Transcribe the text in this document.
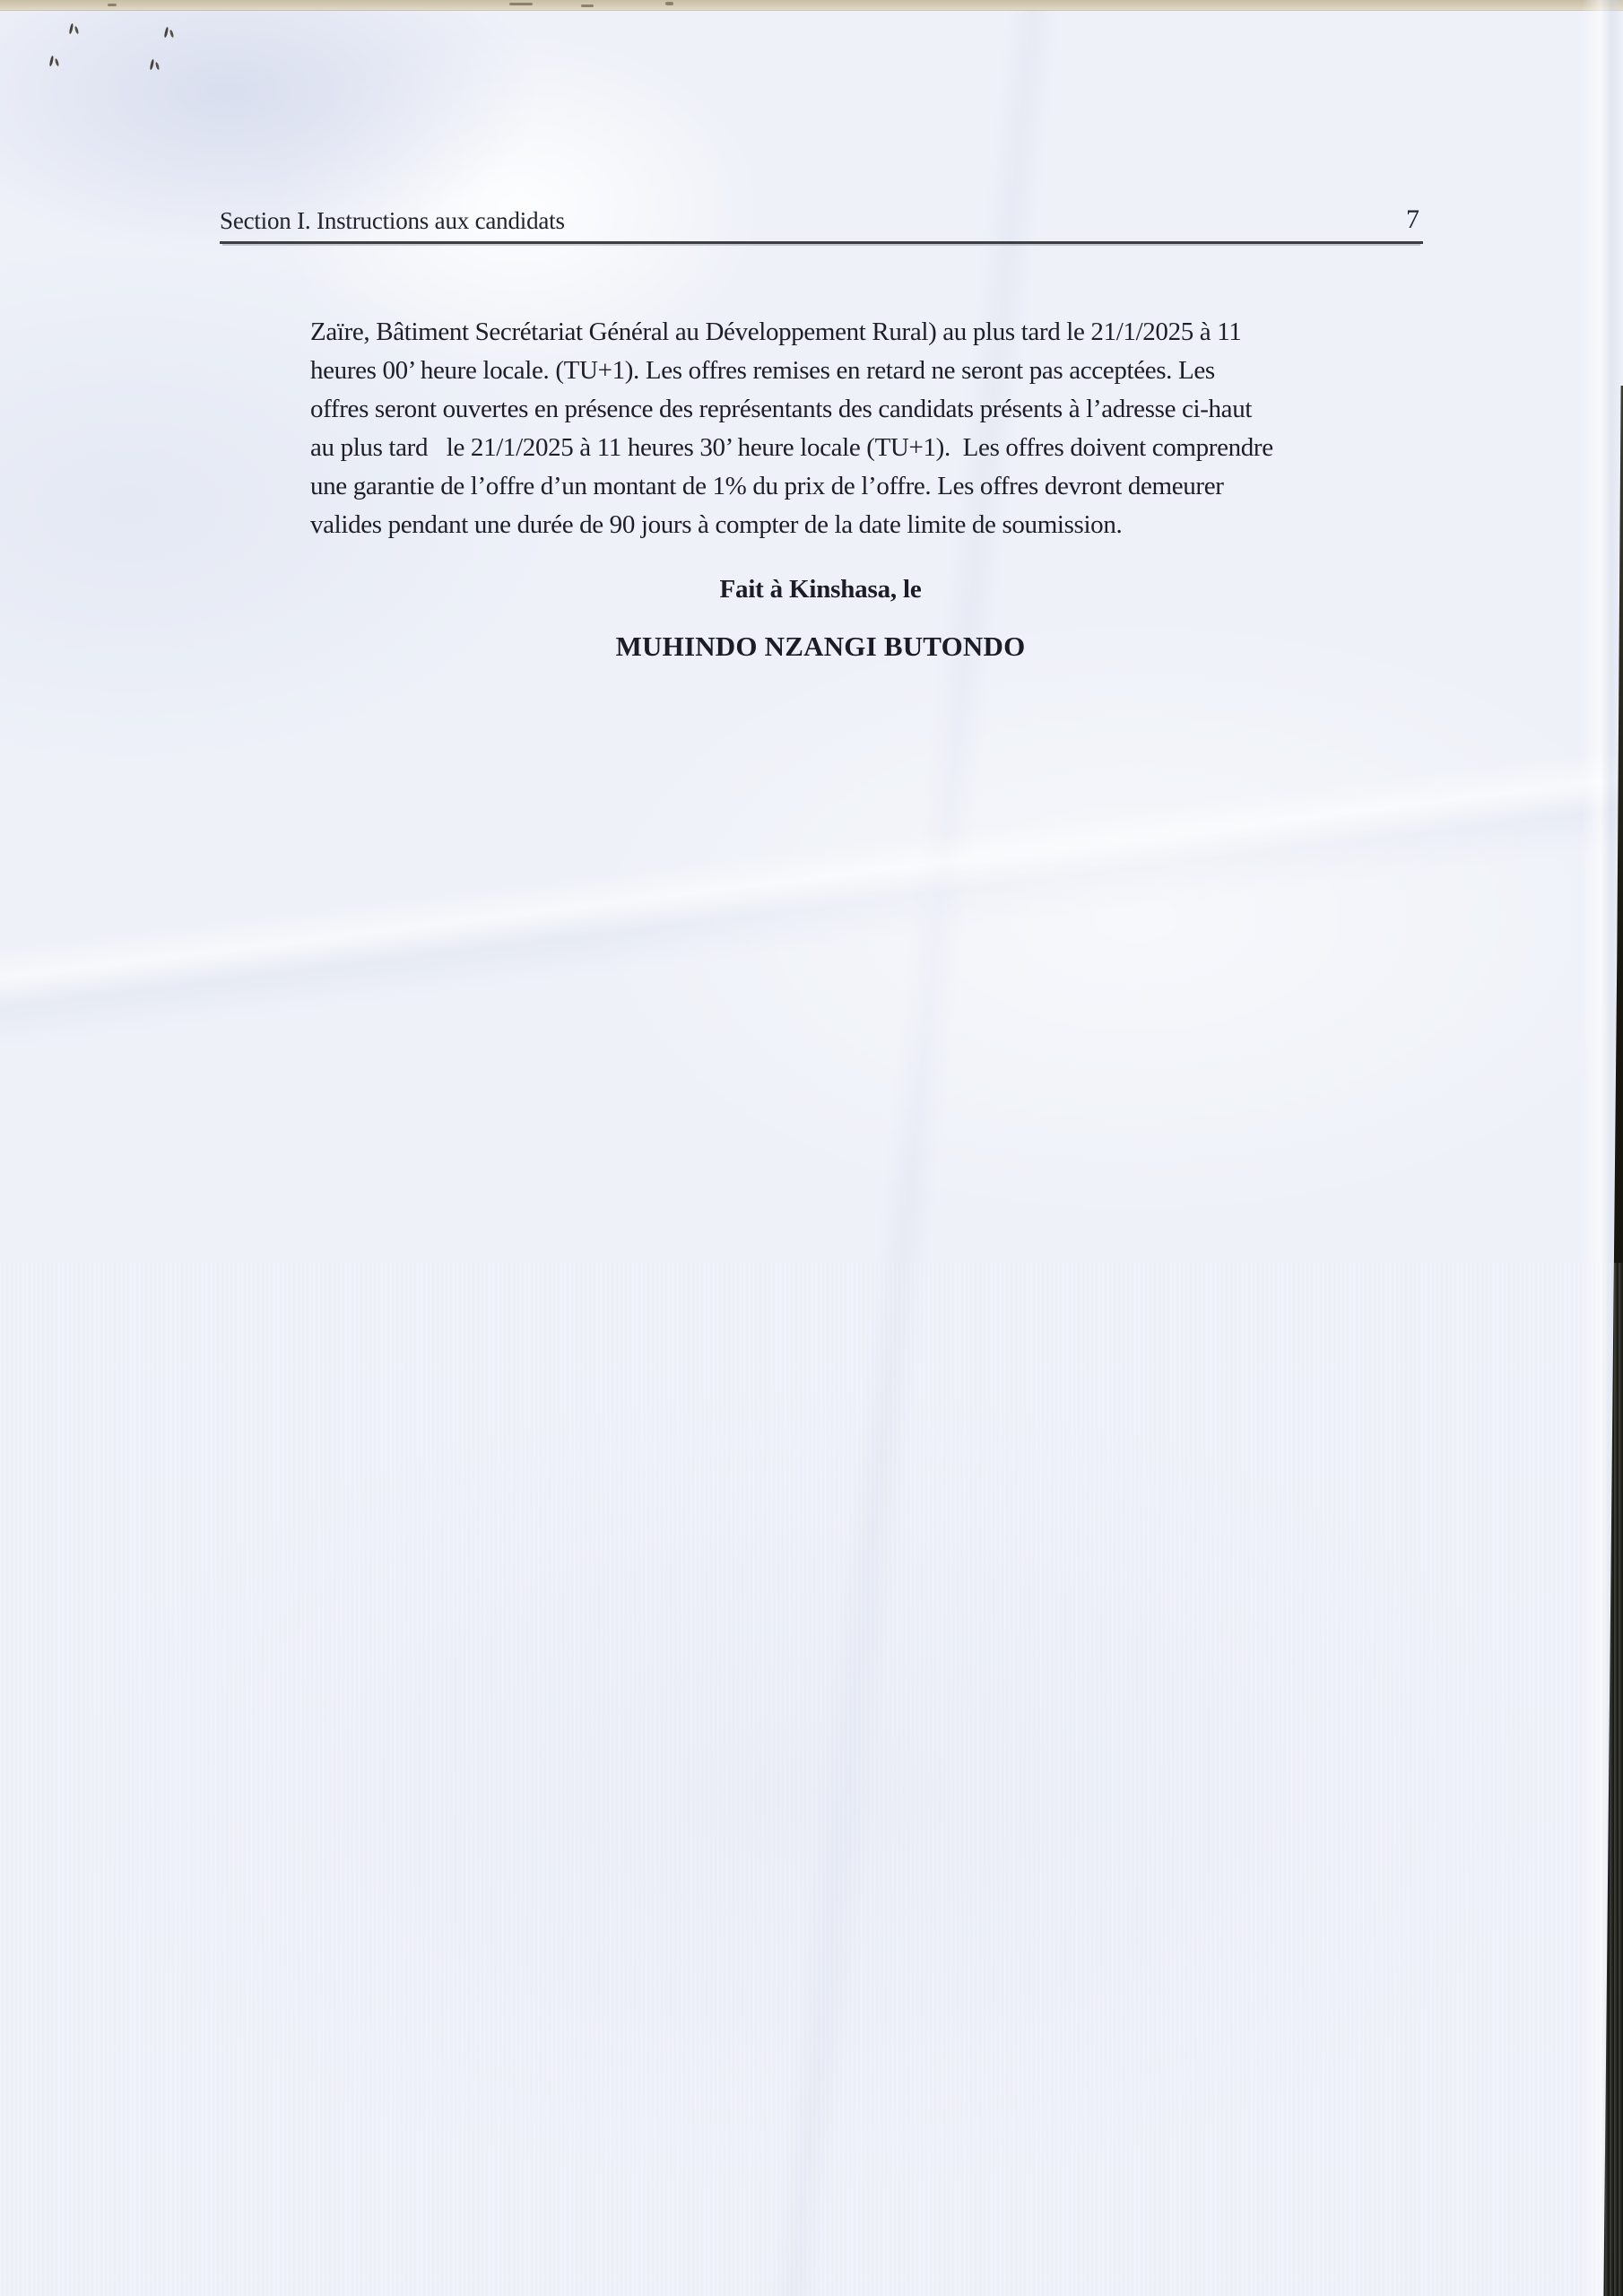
Section I. Instructions aux candidats	7
Zaïre, Bâtiment Secrétariat Général au Développement Rural) au plus tard le 21/1/2025 à 11
heures 00’ heure locale. (TU+1). Les offres remises en retard ne seront pas acceptées. Les
offres seront ouvertes en présence des représentants des candidats présents à l’adresse ci-haut
au plus tard   le 21/1/2025 à 11 heures 30’ heure locale (TU+1).  Les offres doivent comprendre
une garantie de l’offre d’un montant de 1% du prix de l’offre. Les offres devront demeurer
valides pendant une durée de 90 jours à compter de la date limite de soumission.
Fait à Kinshasa, le
MUHINDO NZANGI BUTONDO
